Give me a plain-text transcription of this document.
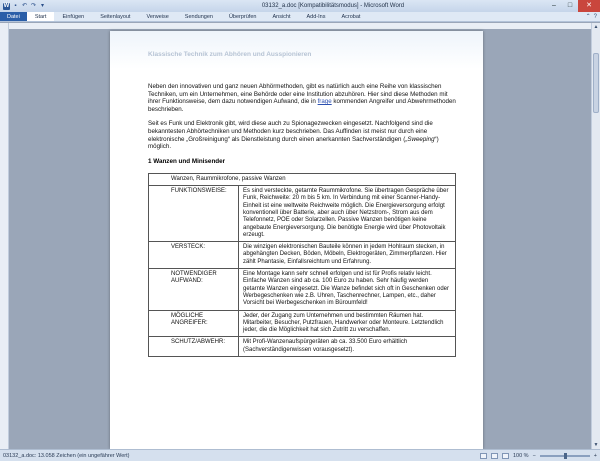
W ▪ ↶ ↷ ▾	03132_a.doc [Kompatibilitätsmodus] - Microsoft Word	–	□	✕
Datei	Start	Einfügen	Seitenlayout	Verweise	Sendungen	Überprüfen	Ansicht	Add-Ins	Acrobat	⌃ ?
▲
▼
Klassische Technik zum Abhören und Ausspionieren

Neben den innovativen und ganz neuen Abhörmethoden, gibt es natürlich auch eine Reihe von klassischen Techniken, um ein Unternehmen, eine Behörde oder eine Institution abzuhören. Hier sind diese Methoden mit ihrer Funktionsweise, dem dazu notwendigen Aufwand, die in frage kommenden Angreifer und Abwehrmethoden beschrieben.

Seit es Funk und Elektronik gibt, wird diese auch zu Spionagezwecken eingesetzt. Nachfolgend sind die bekanntesten Abhörtechniken und Methoden kurz beschrieben. Das Auffinden ist meist nur durch eine elektronische „Großreinigung“ als Dienstleistung durch einen anerkannten Sachverständigen („Sweeping“) möglich.

1 Wanzen und Minisender
Wanzen, Raummikrofone, passive Wanzen	
FUNKTIONSWEISE:	Es sind versteckte, getarnte Raummikrofone. Sie übertragen Gespräche über Funk, Reichweite: 20 m bis 5 km. In Verbindung mit einer Scanner-Handy-Einheit ist eine weltweite Reichweite möglich. Die Energieversorgung erfolgt konventionell über Batterie, aber auch über Netzstrom-, Strom aus dem Telefonnetz, POE oder Solarzellen. Passive Wanzen benötigen keine angebaute Energieversorgung. Die benötigte Energie wird über Photovoltaik erzeugt.
VERSTECK:	Die winzigen elektronischen Bauteile können in jedem Hohlraum stecken, in abgehängten Decken, Böden, Möbeln, Elektrogeräten, Zimmerpflanzen. Hier zählt Phantasie, Einfallsreichtum und Erfahrung.
NOTWENDIGER AUFWAND:	Eine Montage kann sehr schnell erfolgen und ist für Profis relativ leicht. Einfache Wanzen sind ab ca. 100 Euro zu haben. Sehr häufig werden getarnte Wanzen eingesetzt. Die Wanze befindet sich oft in Geschenken oder Werbegeschenken wie z.B. Uhren, Taschenrechner, Lampen, etc., daher Vorsicht bei Werbegeschenken im Büroumfeld!
MÖGLICHE ANGREIFER:	Jeder, der Zugang zum Unternehmen und bestimmten Räumen hat. Mitarbeiter, Besucher, Putzfrauen, Handwerker oder Monteure. Letztendlich jeder, die die Möglichkeit hat sich Zutritt zu verschaffen.
SCHUTZ/ABWEHR:	Mit Profi-Wanzenaufspürgeräten ab ca. 33.500 Euro erhältlich (Sachverständigenwissen vorausgesetzt).
03132_a.doc: 13.058 Zeichen (ein ungefährer Wert)	100 % −	+
